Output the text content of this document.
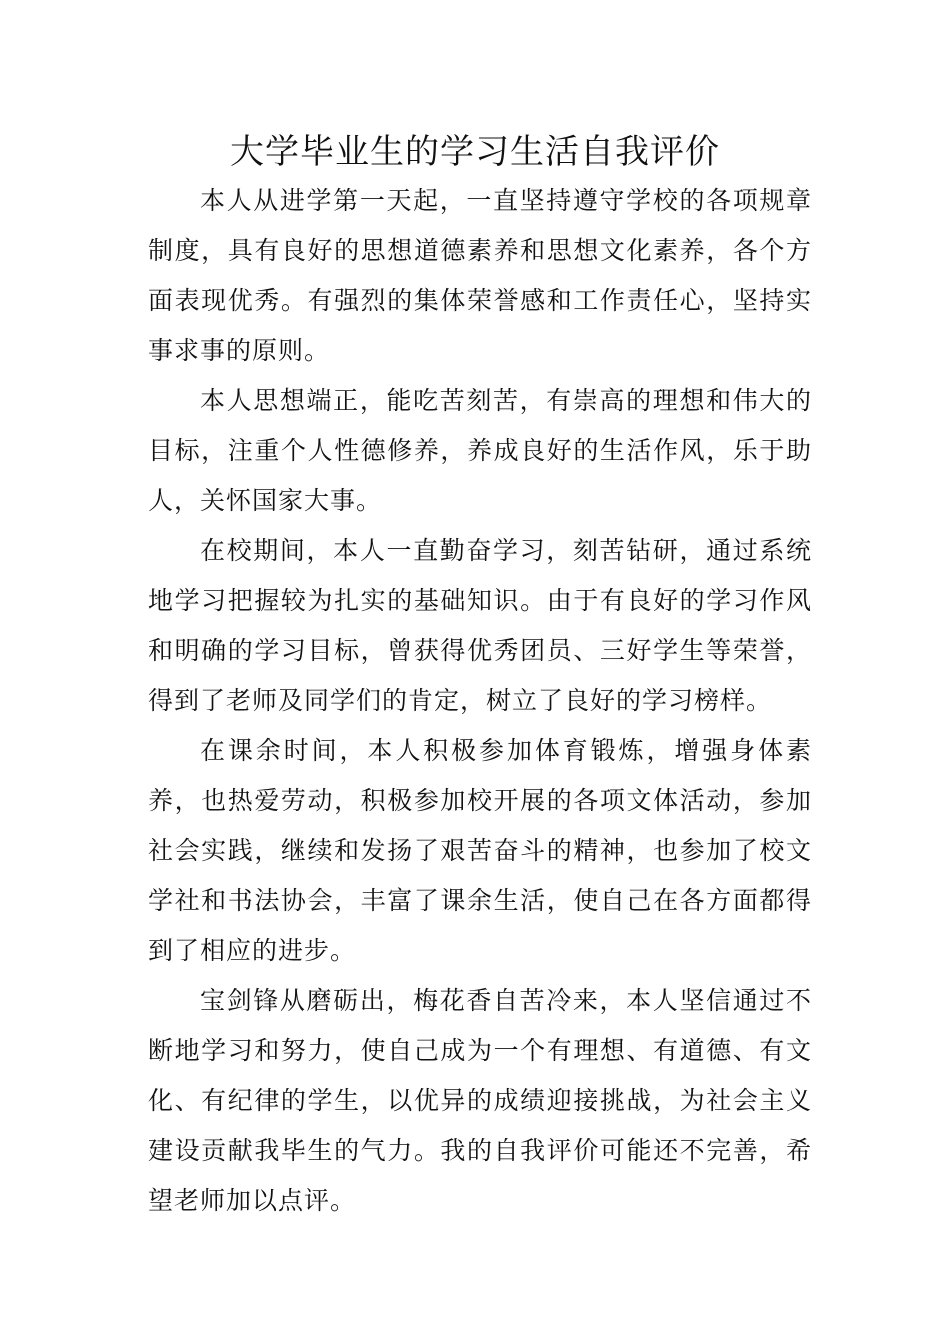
大学毕业生的学习生活自我评价

本人从进学第一天起，一直坚持遵守学校的各项规章制度，具有良好的思想道德素养和思想文化素养，各个方面表现优秀。有强烈的集体荣誉感和工作责任心，坚持实事求事的原则。

本人思想端正，能吃苦刻苦，有崇高的理想和伟大的目标，注重个人性德修养，养成良好的生活作风，乐于助人，关怀国家大事。

在校期间，本人一直勤奋学习，刻苦钻研，通过系统地学习把握较为扎实的基础知识。由于有良好的学习作风和明确的学习目标，曾获得优秀团员、三好学生等荣誉，得到了老师及同学们的肯定，树立了良好的学习榜样。

在课余时间，本人积极参加体育锻炼，增强身体素养，也热爱劳动，积极参加校开展的各项文体活动，参加社会实践，继续和发扬了艰苦奋斗的精神，也参加了校文学社和书法协会，丰富了课余生活，使自己在各方面都得到了相应的进步。

宝剑锋从磨砺出，梅花香自苦冷来，本人坚信通过不断地学习和努力，使自己成为一个有理想、有道德、有文化、有纪律的学生，以优异的成绩迎接挑战，为社会主义建设贡献我毕生的气力。我的自我评价可能还不完善，希望老师加以点评。
